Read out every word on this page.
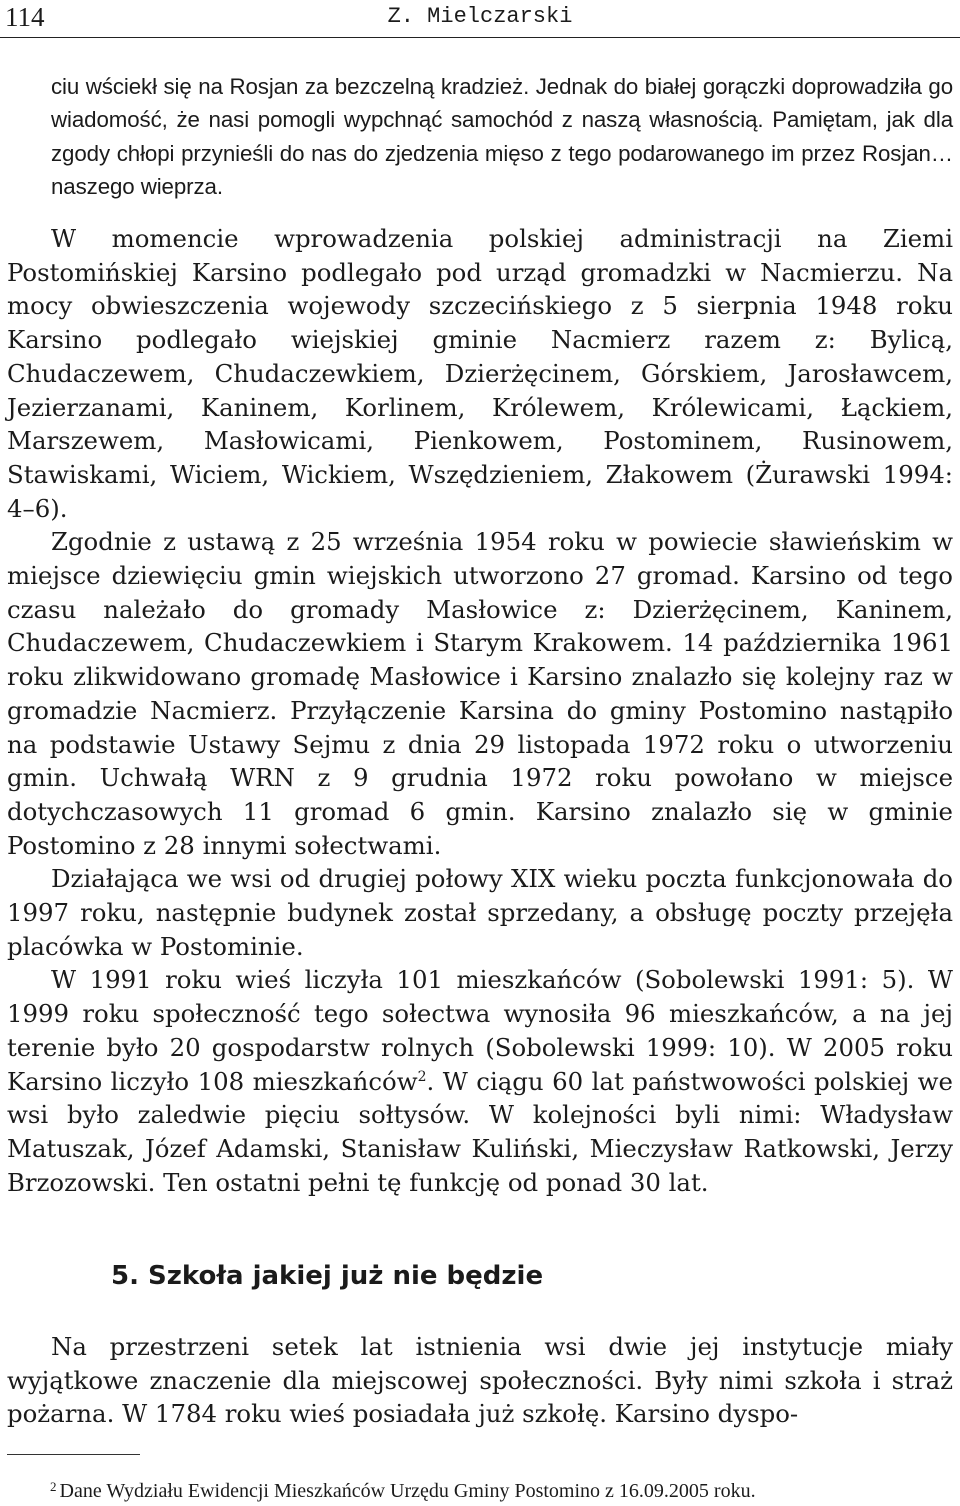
114	Z. Mielczarski

ciu wściekł się na Rosjan za bezczelną kradzież. Jednak do białej gorączki doprowadziła go wiadomość, że nasi pomogli wypchnąć samochód z naszą własnością. Pamiętam, jak dla zgody chłopi przynieśli do nas do zjedzenia mięso z tego podarowanego im przez Rosjan… naszego wieprza.

W momencie wprowadzenia polskiej administracji na Ziemi Postomińskiej Karsino podlegało pod urząd gromadzki w Nacmierzu. Na mocy obwieszczenia wojewody szczecińskiego z 5 sierpnia 1948 roku Karsino podlegało wiejskiej gminie Nacmierz razem z: Bylicą, Chudaczewem, Chudaczewkiem, Dzierżęcinem, Górskiem, Jarosławcem, Jezierzanami, Kaninem, Korlinem, Królewem, Królewicami, Łąckiem, Marszewem, Masłowicami, Pienkowem, Postominem, Rusinowem, Stawiskami, Wiciem, Wickiem, Wszędzieniem, Złakowem (Żurawski 1994: 4–6).

Zgodnie z ustawą z 25 września 1954 roku w powiecie sławieńskim w miejsce dziewięciu gmin wiejskich utworzono 27 gromad. Karsino od tego czasu należało do gromady Masłowice z: Dzierżęcinem, Kaninem, Chudaczewem, Chudaczewkiem i Starym Krakowem. 14 października 1961 roku zlikwidowano gromadę Masłowice i Karsino znalazło się kolejny raz w gromadzie Nacmierz. Przyłączenie Karsina do gminy Postomino nastąpiło na podstawie Ustawy Sejmu z dnia 29 listopada 1972 roku o utworzeniu gmin. Uchwałą WRN z 9 grudnia 1972 roku powołano w miejsce dotychczasowych 11 gromad 6 gmin. Karsino znalazło się w gminie Postomino z 28 innymi sołectwami.

Działająca we wsi od drugiej połowy XIX wieku poczta funkcjonowała do 1997 roku, następnie budynek został sprzedany, a obsługę poczty przejęła placówka w Postominie.

W 1991 roku wieś liczyła 101 mieszkańców (Sobolewski 1991: 5). W 1999 roku społeczność tego sołectwa wynosiła 96 mieszkańców, a na jej terenie było 20 gospodarstw rolnych (Sobolewski 1999: 10). W 2005 roku Karsino liczyło 108 mieszkańców$^2$. W ciągu 60 lat państwowości polskiej we wsi było zaledwie pięciu sołtysów. W kolejności byli nimi: Władysław Matuszak, Józef Adamski, Stanisław Kuliński, Mieczysław Ratkowski, Jerzy Brzozowski. Ten ostatni pełni tę funkcję od ponad 30 lat.

5. Szkoła jakiej już nie będzie

Na przestrzeni setek lat istnienia wsi dwie jej instytucje miały wyjątkowe znaczenie dla miejscowej społeczności. Były nimi szkoła i straż pożarna. W 1784 roku wieś posiadała już szkołę. Karsino dyspo-

$^2$ Dane Wydziału Ewidencji Mieszkańców Urzędu Gminy Postomino z 16.09.2005 roku.
